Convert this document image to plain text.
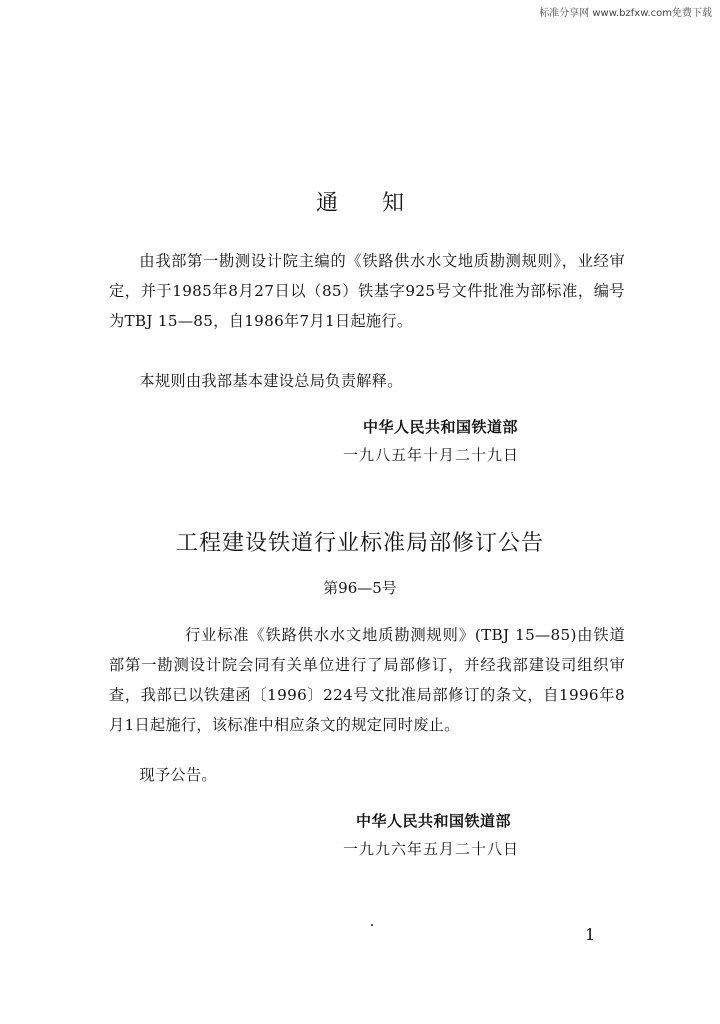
标准分享网 www.bzfxw.com免费下载
通 知

由我部第一勘测设计院主编的《铁路供水水文地质勘测规则》，业经审定，并于1985年8月27日以（85）铁基字925号文件批准为部标准，编号为TBJ 15—85，自1986年7月1日起施行。

本规则由我部基本建设总局负责解释。

中华人民共和国铁道部
一九八五年十月二十九日
工程建设铁道行业标准局部修订公告
第96—5号

行业标准《铁路供水水文地质勘测规则》(TBJ 15—85)由铁道部第一勘测设计院会同有关单位进行了局部修订，并经我部建设司组织审查，我部已以铁建函〔1996〕224号文批准局部修订的条文，自1996年8月1日起施行，该标准中相应条文的规定同时废止。

现予公告。

中华人民共和国铁道部
一九九六年五月二十八日
1
